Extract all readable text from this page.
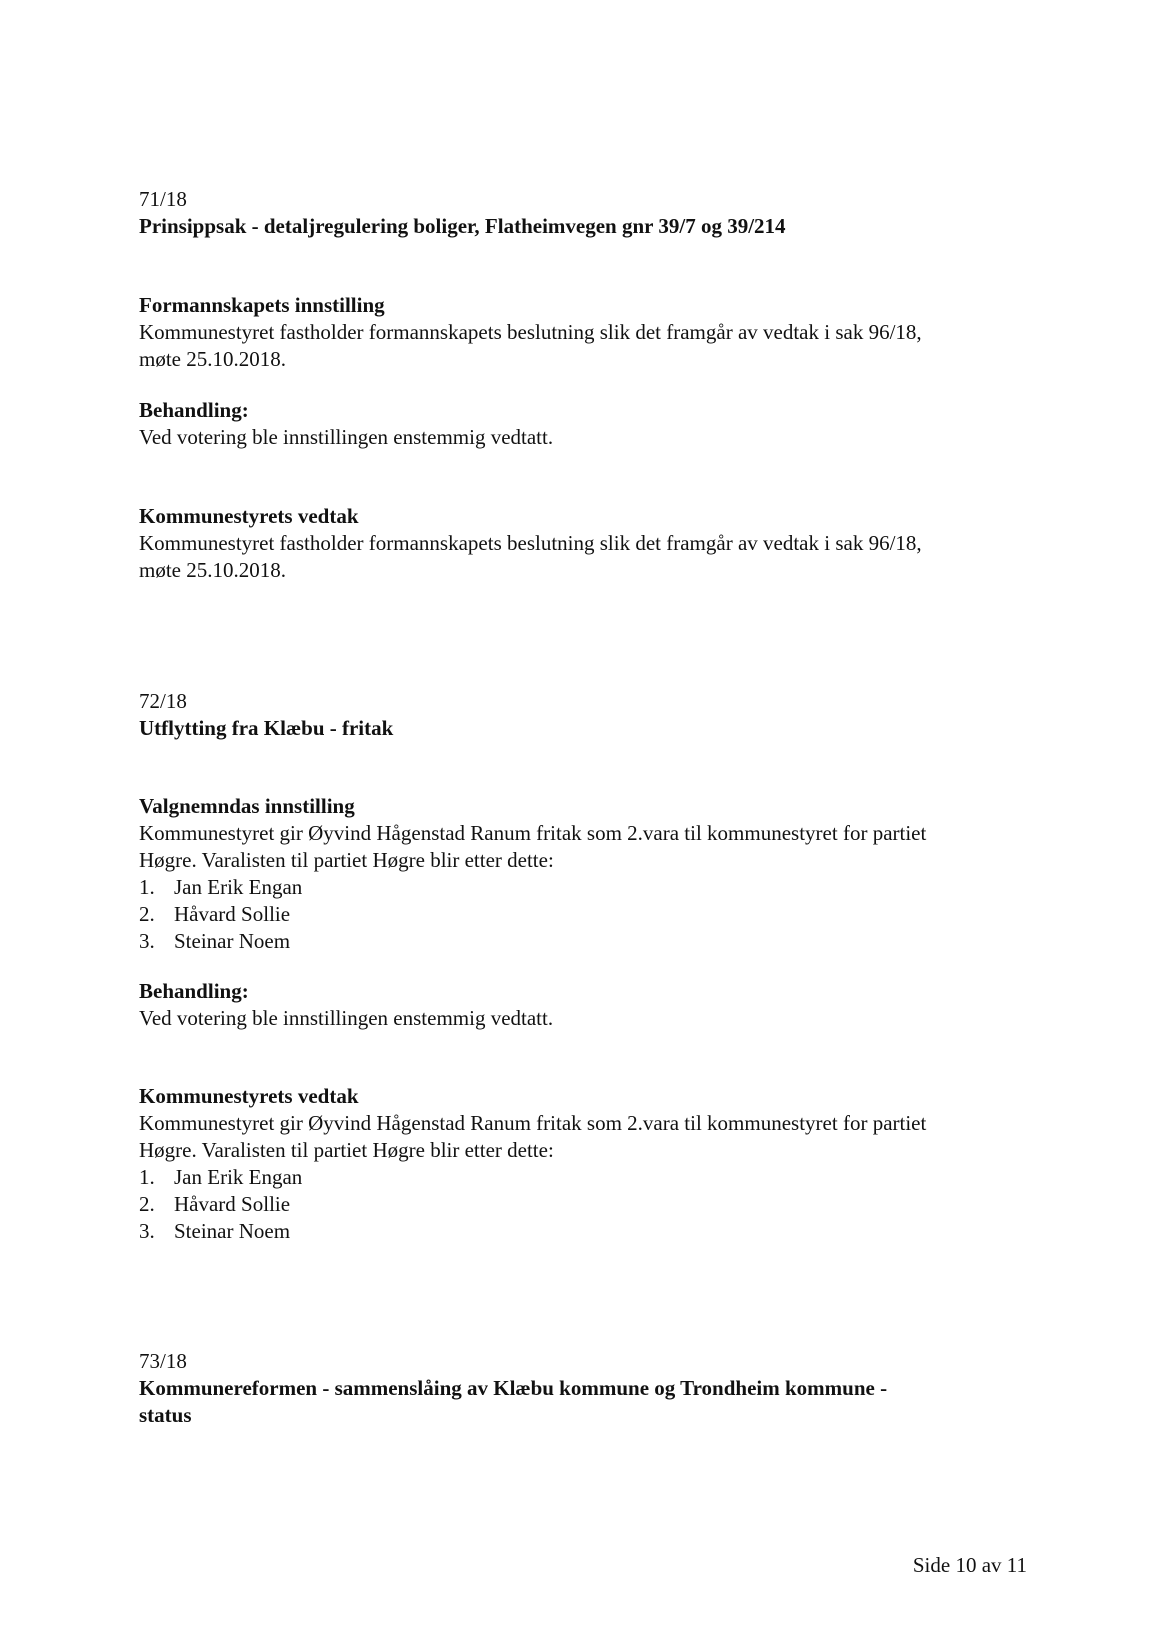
71/18
Prinsippsak - detaljregulering boliger, Flatheimvegen gnr 39/7 og 39/214
Formannskapets innstilling
Kommunestyret fastholder formannskapets beslutning slik det framgår av vedtak i sak 96/18,
møte 25.10.2018.
Behandling:
Ved votering ble innstillingen enstemmig vedtatt.
Kommunestyrets vedtak
Kommunestyret fastholder formannskapets beslutning slik det framgår av vedtak i sak 96/18,
møte 25.10.2018.
72/18
Utflytting fra Klæbu - fritak
Valgnemndas innstilling
Kommunestyret gir Øyvind Hågenstad Ranum fritak som 2.vara til kommunestyret for partiet
Høgre. Varalisten til partiet Høgre blir etter dette:
1. Jan Erik Engan
2. Håvard Sollie
3. Steinar Noem
Behandling:
Ved votering ble innstillingen enstemmig vedtatt.
Kommunestyrets vedtak
Kommunestyret gir Øyvind Hågenstad Ranum fritak som 2.vara til kommunestyret for partiet
Høgre. Varalisten til partiet Høgre blir etter dette:
1. Jan Erik Engan
2. Håvard Sollie
3. Steinar Noem
73/18
Kommunereformen - sammenslåing av Klæbu kommune og Trondheim kommune -
status
Side 10 av 11
